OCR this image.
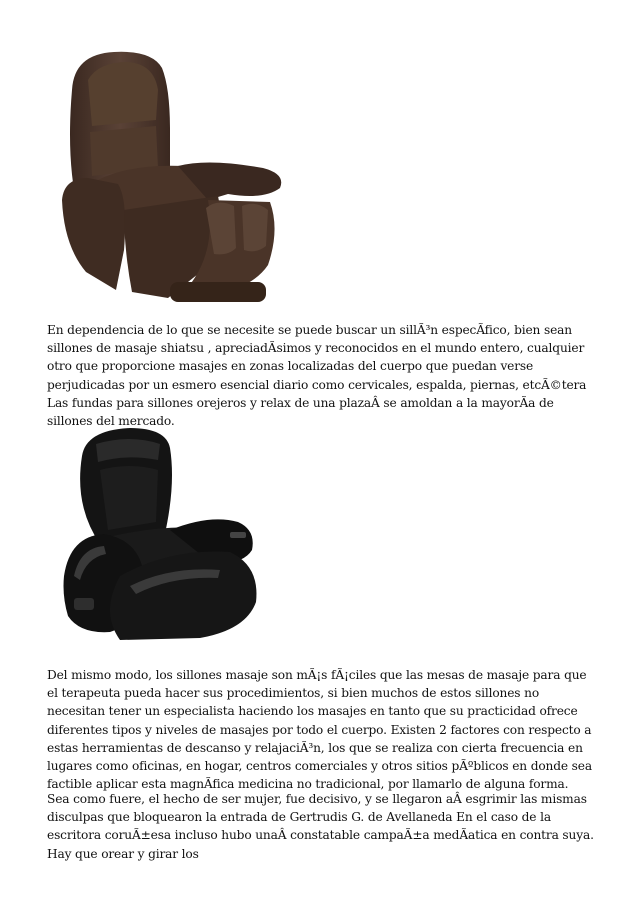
En dependencia de lo que se necesite se puede buscar un sillÃ³n especÃfico, bien sean sillones de masaje shiatsu , apreciadÃsimos y reconocidos en el mundo entero, cualquier otro que proporcione masajes en zonas localizadas del cuerpo que puedan verse perjudicadas por un esmero esencial diario como cervicales, espalda, piernas, etcÃ©tera Las fundas para sillones orejeros y relax de una plazaÂ se amoldan a la mayorÃa de sillones del mercado.

Del mismo modo, los sillones masaje son mÃ¡s fÃ¡ciles que las mesas de masaje para que el terapeuta pueda hacer sus procedimientos, si bien muchos de estos sillones no necesitan tener un especialista haciendo los masajes en tanto que su practicidad ofrece diferentes tipos y niveles de masajes por todo el cuerpo. Existen 2 factores con respecto a estas herramientas de descanso y relajaciÃ³n, los que se realiza con cierta frecuencia en lugares como oficinas, en hogar, centros comerciales y otros sitios pÃºblicos en donde sea factible aplicar esta magnÃfica medicina no tradicional, por llamarlo de alguna forma.

Sea como fuere, el hecho de ser mujer, fue decisivo, y se llegaron aÂ esgrimir las mismas disculpas que bloquearon la entrada de Gertrudis G. de Avellaneda En el caso de la escritora coruÃ±esa incluso hubo unaÂ constatable campaÃ±a medÃatica en contra suya. Hay que orear y girar los
